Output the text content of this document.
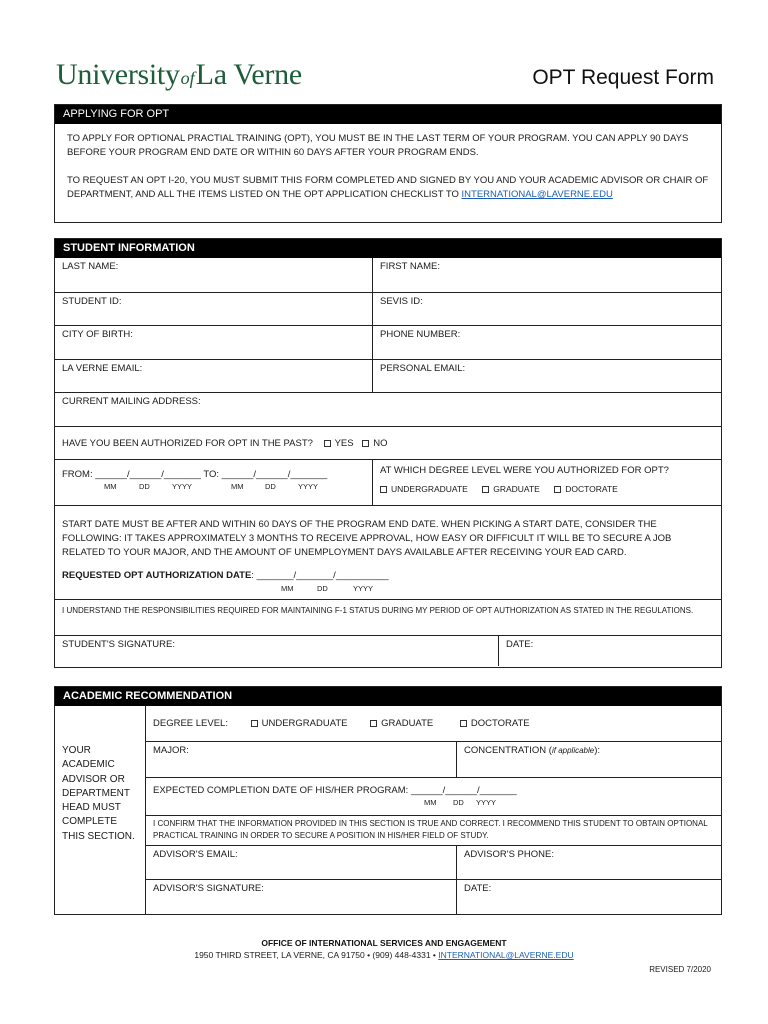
UniversityofLa Verne	OPT Request Form
APPLYING FOR OPT

TO APPLY FOR OPTIONAL PRACTIAL TRAINING (OPT), YOU MUST BE IN THE LAST TERM OF YOUR PROGRAM. YOU CAN APPLY 90 DAYS BEFORE YOUR PROGRAM END DATE OR WITHIN 60 DAYS AFTER YOUR PROGRAM ENDS.

TO REQUEST AN OPT I-20, YOU MUST SUBMIT THIS FORM COMPLETED AND SIGNED BY YOU AND YOUR ACADEMIC ADVISOR OR CHAIR OF DEPARTMENT, AND ALL THE ITEMS LISTED ON THE OPT APPLICATION CHECKLIST TO INTERNATIONAL@LAVERNE.EDU

STUDENT INFORMATION
LAST NAME:	FIRST NAME:
STUDENT ID:	SEVIS ID:
CITY OF BIRTH:	PHONE NUMBER:
LA VERNE EMAIL:	PERSONAL EMAIL:
CURRENT MAILING ADDRESS:
HAVE YOU BEEN AUTHORIZED FOR OPT IN THE PAST? YES NO
FROM: ______/______/_______ TO: ______/______/_______
MM	DD	YYYY	MM	DD	YYYY
AT WHICH DEGREE LEVEL WERE YOU AUTHORIZED FOR OPT?
UNDERGRADUATE	GRADUATE	DOCTORATE
START DATE MUST BE AFTER AND WITHIN 60 DAYS OF THE PROGRAM END DATE. WHEN PICKING A START DATE, CONSIDER THE FOLLOWING: IT TAKES APPROXIMATELY 3 MONTHS TO RECEIVE APPROVAL, HOW EASY OR DIFFICULT IT WILL BE TO SECURE A JOB RELATED TO YOUR MAJOR, AND THE AMOUNT OF UNEMPLOYMENT DAYS AVAILABLE AFTER RECEIVING YOUR EAD CARD.
REQUESTED OPT AUTHORIZATION DATE: _______/_______/__________
MM	DD	YYYY
I UNDERSTAND THE RESPONSIBILITIES REQUIRED FOR MAINTAINING F-1 STATUS DURING MY PERIOD OF OPT AUTHORIZATION AS STATED IN THE REGULATIONS.
STUDENT'S SIGNATURE:	DATE:
ACADEMIC RECOMMENDATION
YOUR ACADEMIC ADVISOR OR DEPARTMENT HEAD MUST COMPLETE THIS SECTION.
DEGREE LEVEL:	UNDERGRADUATE	GRADUATE	DOCTORATE
MAJOR:	CONCENTRATION (if applicable):
EXPECTED COMPLETION DATE OF HIS/HER PROGRAM: ______/______/_______
MM DD YYYY
I CONFIRM THAT THE INFORMATION PROVIDED IN THIS SECTION IS TRUE AND CORRECT. I RECOMMEND THIS STUDENT TO OBTAIN OPTIONAL PRACTICAL TRAINING IN ORDER TO SECURE A POSITION IN HIS/HER FIELD OF STUDY.
ADVISOR'S EMAIL:	ADVISOR'S PHONE:
ADVISOR'S SIGNATURE:	DATE:
OFFICE OF INTERNATIONAL SERVICES AND ENGAGEMENT
1950 THIRD STREET, LA VERNE, CA 91750 • (909) 448-4331 • INTERNATIONAL@LAVERNE.EDU
REVISED 7/2020
